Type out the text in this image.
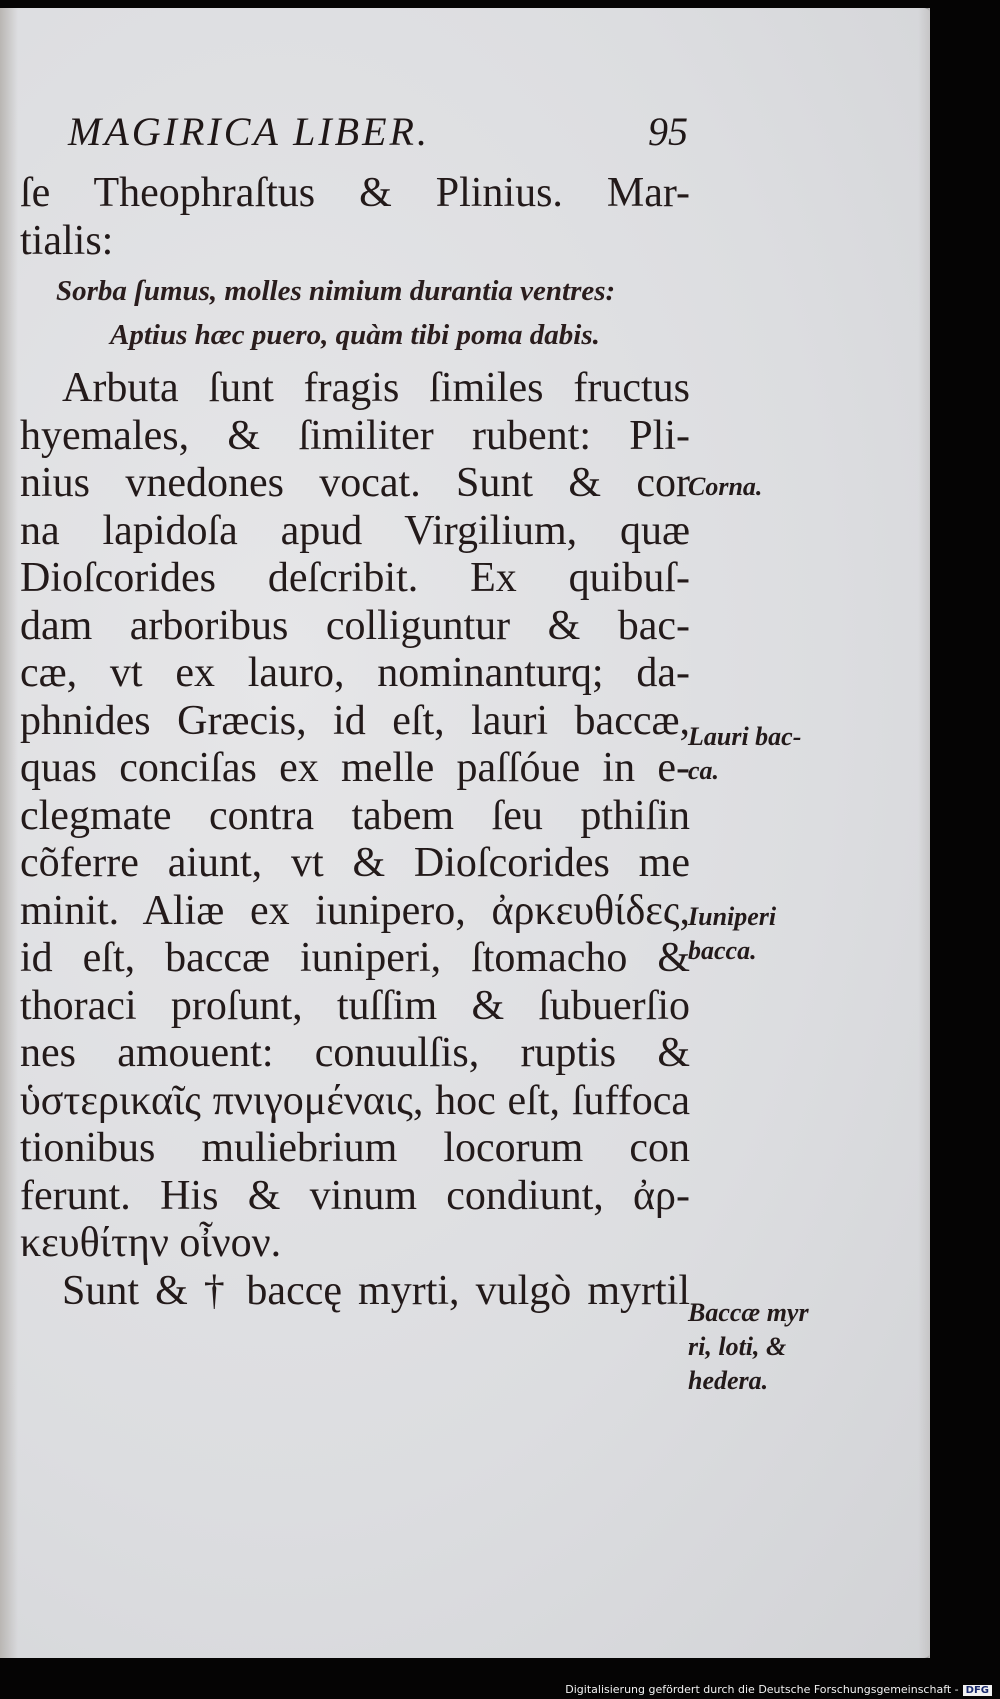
MAGIRICA LIBER.	95
ſe Theophraſtus & Plinius. Mar-
tialis:
Sorba ſumus, molles nimium durantia ventres:
Aptius hæc puero, quàm tibi poma dabis.
Arbuta ſunt fragis ſimiles fructus
hyemales, & ſimiliter rubent: Pli-
nius vnedones vocat. Sunt & cor
na lapidoſa apud Virgilium, quæ
Dioſcorides deſcribit. Ex quibuſ-
dam arboribus colliguntur & bac-
cæ, vt ex lauro, nominanturq; da-
phnides Græcis, id eſt, lauri baccæ,
quas conciſas ex melle paſſóue in e-
clegmate contra tabem ſeu pthiſin
cõferre aiunt, vt & Dioſcorides me
minit. Aliæ ex iunipero, ἀρκευθίδες,
id eſt, baccæ iuniperi, ſtomacho &
thoraci proſunt, tuſſim & ſubuerſio
nes amouent: conuulſis, ruptis &
ὑστερικαῖς πνιγομέναις, hoc eſt, ſuffoca
tionibus muliebrium locorum con
ferunt. His & vinum condiunt, ἀρ-
κευθίτην οἶνον.
Sunt & † baccę myrti, vulgò myrtil
Corna.
Lauri bac-
ca.
Iuniperi
bacca.
Baccæ myr
ri, loti, &
hedera.
Digitalisierung gefördert durch die Deutsche Forschungsgemeinschaft - DFG
